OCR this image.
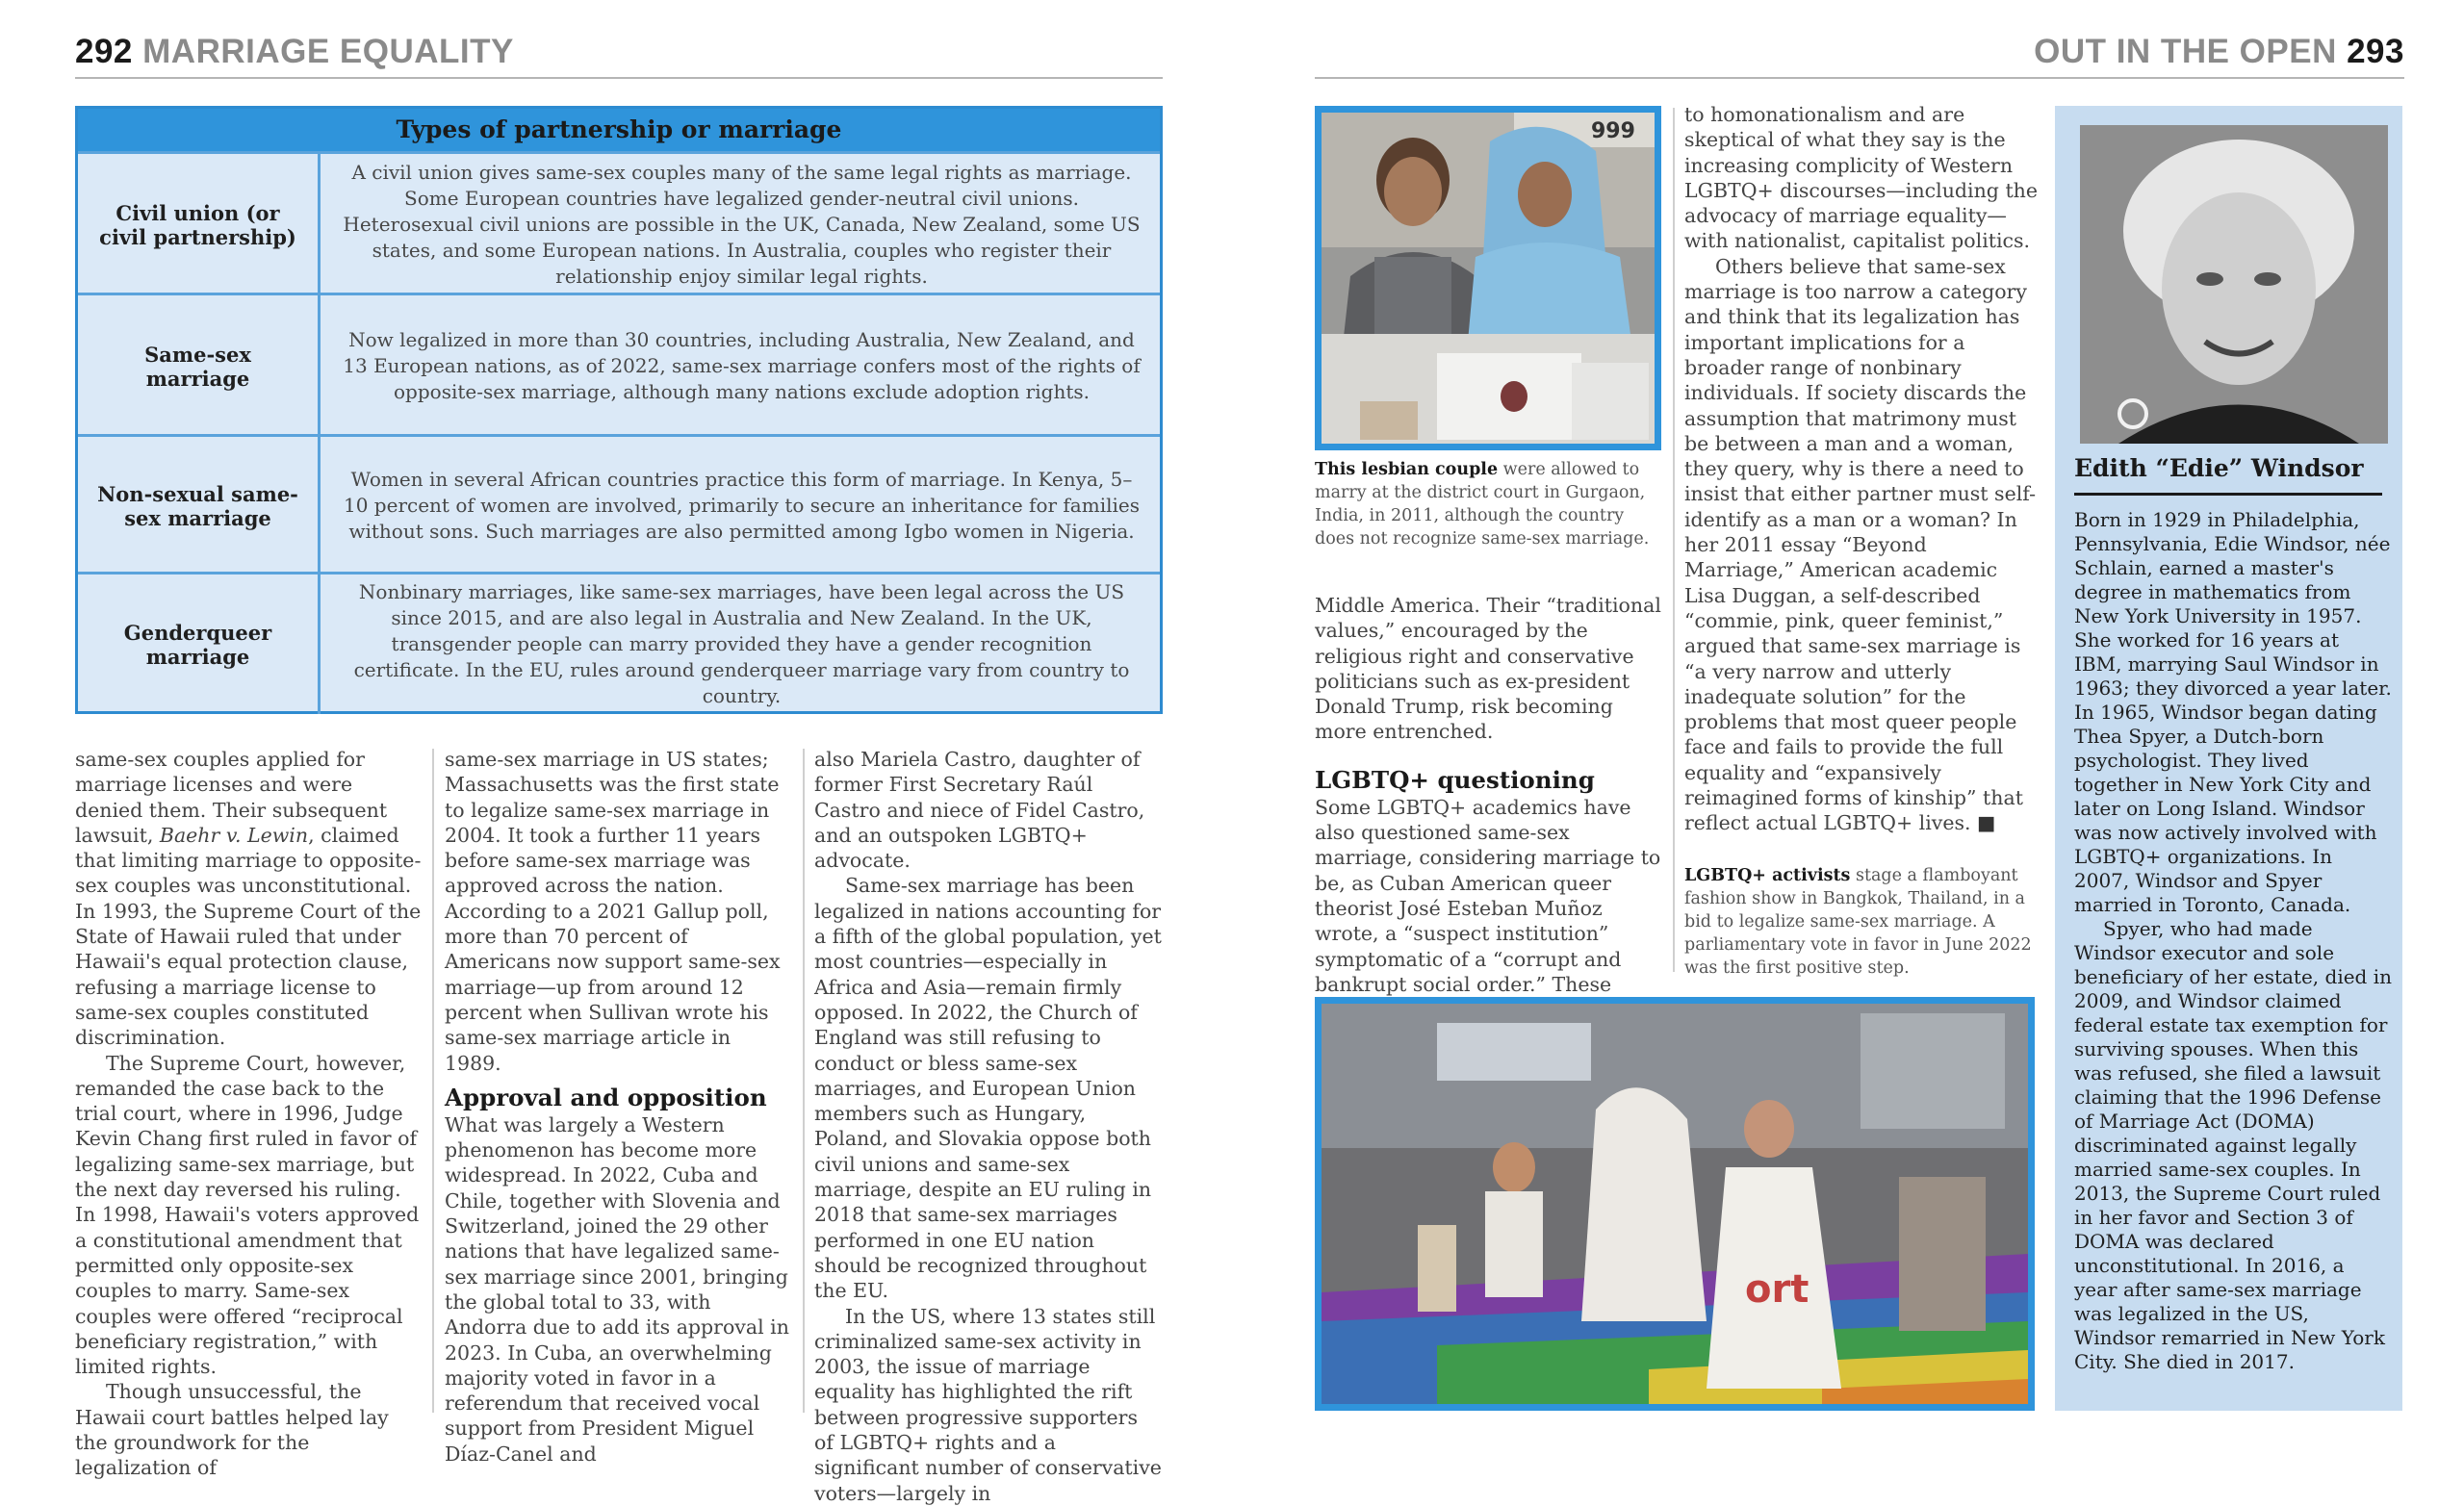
292 MARRIAGE EQUALITY	OUT IN THE OPEN 293
Types of partnership or marriage
Civil union (or civil partnership)
A civil union gives same-sex couples many of the same legal rights as marriage. Some European countries have legalized gender-neutral civil unions. Heterosexual civil unions are possible in the UK, Canada, New Zealand, some US states, and some European nations. In Australia, couples who register their relationship enjoy similar legal rights.
Same-sex marriage
Now legalized in more than 30 countries, including Australia, New Zealand, and 13 European nations, as of 2022, same-sex marriage confers most of the rights of opposite-sex marriage, although many nations exclude adoption rights.
Non-sexual same-sex marriage
Women in several African countries practice this form of marriage. In Kenya, 5–10 percent of women are involved, primarily to secure an inheritance for families without sons. Such marriages are also permitted among Igbo women in Nigeria.
Genderqueer marriage
Nonbinary marriages, like same-sex marriages, have been legal across the US since 2015, and are also legal in Australia and New Zealand. In the UK, transgender people can marry provided they have a gender recognition certificate. In the EU, rules around genderqueer marriage vary from country to country.

same-sex couples applied for marriage licenses and were denied them. Their subsequent lawsuit, Baehr v. Lewin, claimed that limiting marriage to opposite-sex couples was unconstitutional. In 1993, the Supreme Court of the State of Hawaii ruled that under Hawaii's equal protection clause, refusing a marriage license to same-sex couples constituted discrimination.

The Supreme Court, however, remanded the case back to the trial court, where in 1996, Judge Kevin Chang first ruled in favor of legalizing same-sex marriage, but the next day reversed his ruling. In 1998, Hawaii's voters approved a constitutional amendment that permitted only opposite-sex couples to marry. Same-sex couples were offered “reciprocal beneficiary registration,” with limited rights.

Though unsuccessful, the Hawaii court battles helped lay the groundwork for the legalization of

same-sex marriage in US states; Massachusetts was the first state to legalize same-sex marriage in 2004. It took a further 11 years before same-sex marriage was approved across the nation. According to a 2021 Gallup poll, more than 70 percent of Americans now support same-sex marriage—up from around 12 percent when Sullivan wrote his same-sex marriage article in 1989.

Approval and opposition

What was largely a Western phenomenon has become more widespread. In 2022, Cuba and Chile, together with Slovenia and Switzerland, joined the 29 other nations that have legalized same-sex marriage since 2001, bringing the global total to 33, with Andorra due to add its approval in 2023. In Cuba, an overwhelming majority voted in favor in a referendum that received vocal support from President Miguel Díaz-Canel and

also Mariela Castro, daughter of former First Secretary Raúl Castro and niece of Fidel Castro, and an outspoken LGBTQ+ advocate.

Same-sex marriage has been legalized in nations accounting for a fifth of the global population, yet most countries—especially in Africa and Asia—remain firmly opposed. In 2022, the Church of England was still refusing to conduct or bless same-sex marriages, and European Union members such as Hungary, Poland, and Slovakia oppose both civil unions and same-sex marriage, despite an EU ruling in 2018 that same-sex marriages performed in one EU nation should be recognized throughout the EU.

In the US, where 13 states still criminalized same-sex activity in 2003, the issue of marriage equality has highlighted the rift between progressive supporters of LGBTQ+ rights and a significant number of conservative voters—largely in

999
This lesbian couple were allowed to marry at the district court in Gurgaon, India, in 2011, although the country does not recognize same-sex marriage.

Middle America. Their “traditional values,” encouraged by the religious right and conservative politicians such as ex-president Donald Trump, risk becoming more entrenched.

LGBTQ+ questioning

Some LGBTQ+ academics have also questioned same-sex marriage, considering marriage to be, as Cuban American queer theorist José Esteban Muñoz wrote, a “suspect institution” symptomatic of a “corrupt and bankrupt social order.” These

to homonationalism and are skeptical of what they say is the increasing complicity of Western LGBTQ+ discourses—including the advocacy of marriage equality—with nationalist, capitalist politics.

Others believe that same-sex marriage is too narrow a category and think that its legalization has important implications for a broader range of nonbinary individuals. If society discards the assumption that matrimony must be between a man and a woman, they query, why is there a need to insist that either partner must self-identify as a man or a woman? In her 2011 essay “Beyond Marriage,” American academic Lisa Duggan, a self-described “commie, pink, queer feminist,” argued that same-sex marriage is “a very narrow and utterly inadequate solution” for the problems that most queer people face and fails to provide the full equality and “expansively reimagined forms of kinship” that reflect actual LGBTQ+ lives. ■

LGBTQ+ activists stage a flamboyant fashion show in Bangkok, Thailand, in a bid to legalize same-sex marriage. A parliamentary vote in favor in June 2022 was the first positive step.
ort
Edith “Edie” Windsor

Born in 1929 in Philadelphia, Pennsylvania, Edie Windsor, née Schlain, earned a master's degree in mathematics from New York University in 1957. She worked for 16 years at IBM, marrying Saul Windsor in 1963; they divorced a year later. In 1965, Windsor began dating Thea Spyer, a Dutch-born psychologist. They lived together in New York City and later on Long Island. Windsor was now actively involved with LGBTQ+ organizations. In 2007, Windsor and Spyer married in Toronto, Canada.

Spyer, who had made Windsor executor and sole beneficiary of her estate, died in 2009, and Windsor claimed federal estate tax exemption for surviving spouses. When this was refused, she filed a lawsuit claiming that the 1996 Defense of Marriage Act (DOMA) discriminated against legally married same-sex couples. In 2013, the Supreme Court ruled in her favor and Section 3 of DOMA was declared unconstitutional. In 2016, a year after same-sex marriage was legalized in the US, Windsor remarried in New York City. She died in 2017.
